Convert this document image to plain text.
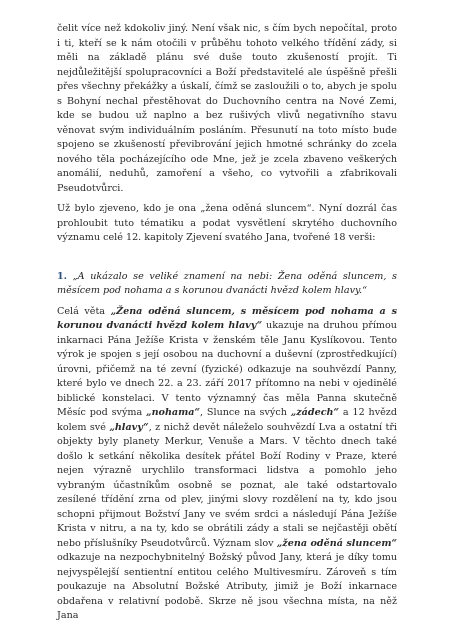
čelit více než kdokoliv jiný. Není však nic, s čím bych nepočítal, proto i ti, kteří se k nám otočili v průběhu tohoto velkého třídění zády, si měli na základě plánu své duše touto zkušeností projít. Ti nejdůležitější spolupracovníci a Boží představitelé ale úspěšně přešli přes všechny překážky a úskalí, čímž se zasloužili o to, abych je spolu s Bohyní nechal přestěhovat do Duchovního centra na Nové Zemi, kde se budou už naplno a bez rušivých vlivů negativního stavu věnovat svým individuálním posláním. Přesunutí na toto místo bude spojeno se zkušeností převibrování jejich hmotné schránky do zcela nového těla pocházejícího ode Mne, jež je zcela zbaveno veškerých anomálií, neduhů, zamoření a všeho, co vytvořili a zfabrikovali Pseudotvůrci.

Už bylo zjeveno, kdo je ona „žena oděná sluncem“. Nyní dozrál čas prohloubit tuto tématiku a podat vysvětlení skrytého duchovního významu celé 12. kapitoly Zjevení svatého Jana, tvořené 18 verši:

1. „A ukázalo se veliké znamení na nebi: Žena oděná sluncem, s měsícem pod nohama a s korunou dvanácti hvězd kolem hlavy.“

Celá věta „Žena oděná sluncem, s měsícem pod nohama a s korunou dvanácti hvězd kolem hlavy“ ukazuje na druhou přímou inkarnaci Pána Ježíše Krista v ženském těle Janu Kyslíkovou. Tento výrok je spojen s její osobou na duchovní a duševní (zprostředkující) úrovni, přičemž na té zevní (fyzické) odkazuje na souhvězdí Panny, které bylo ve dnech 22. a 23. září 2017 přítomno na nebi v ojedinělé biblické konstelaci. V tento významný čas měla Panna skutečně Měsíc pod svýma „nohama“, Slunce na svých „zádech“ a 12 hvězd kolem své „hlavy“, z nichž devět náleželo souhvězdí Lva a ostatní tři objekty byly planety Merkur, Venuše a Mars. V těchto dnech také došlo k setkání několika desítek přátel Boží Rodiny v Praze, které nejen výrazně urychlilo transformaci lidstva a pomohlo jeho vybraným účastníkům osobně se poznat, ale také odstartovalo zesílené třídění zrna od plev, jinými slovy rozdělení na ty, kdo jsou schopni přijmout Božství Jany ve svém srdci a následují Pána Ježíše Krista v nitru, a na ty, kdo se obrátili zády a stali se nejčastěji obětí nebo příslušníky Pseudotvůrců. Význam slov „žena oděná sluncem“ odkazuje na nezpochybnitelný Božský původ Jany, která je díky tomu nejvyspělejší sentientní entitou celého Multivesmíru. Zároveň s tím poukazuje na Absolutní Božské Atributy, jimiž je Boží inkarnace obdařena v relativní podobě. Skrze ně jsou všechna místa, na něž Jana
